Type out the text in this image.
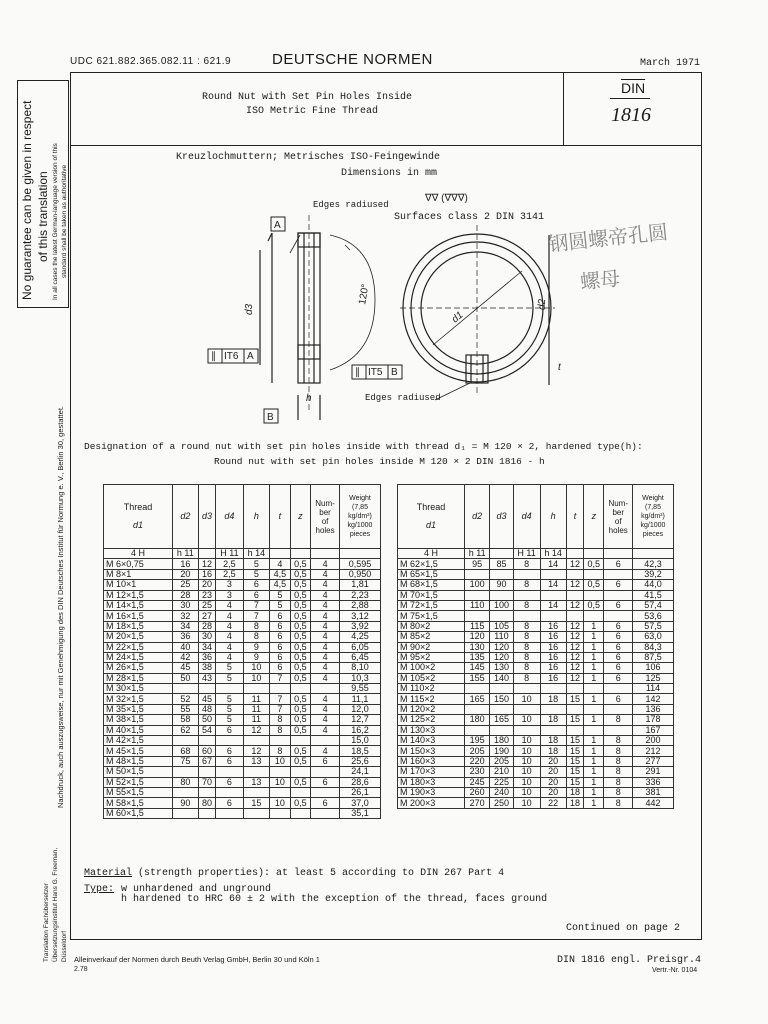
UDC 621.882.365.082.11 : 621.9	DEUTSCHE NORMEN	March 1971
Round Nut with Set Pin Holes Inside
ISO Metric Fine Thread
$\overline{DIN}$
1816
No guarantee can be given in respect of this translation In all cases the latest German-language version of this standard shall be taken as authoritative
Nachdruck, auch auszugsweise, nur mit Genehmigung des DIN Deutsches Institut für Normung e. V., Berlin 30, gestattet.
Translation Fachübersetzer Übersetzungsinstitut Hans G. Freeman, Düsseldorf
Kreuzlochmuttern; Metrisches ISO-Feingewinde
Dimensions in mm
∇∇ (∇∇∇)
Edges radiused
Surfaces class 2 DIN 3141
A
B
∥ IT6 A
∥ IT5 B
120°
d3
d1
d2
h
t
Edges radiused
钢圆螺帝孔圆
螺母
Designation of a round nut with set pin holes inside with thread d₁ = M 120 × 2, hardened type(h):
Round nut with set pin holes inside M 120 × 2 DIN 1816 - h
Thread

d1	d2	d3	d4	h	t	z	Num-
ber
of
holes	Weight (7,85 kg/dm³)
kg/1000 pieces
4 H	h 11		H 11	h 14				
M 6×0,75	16	12	2,5	5	4	0,5	4	0,595
M 8×1	20	16	2,5	5	4,5	0,5	4	0,950
M 10×1	25	20	3	6	4,5	0,5	4	1,81
M 12×1,5	28	23	3	6	5	0,5	4	2,23
M 14×1,5	30	25	4	7	5	0,5	4	2,88
M 16×1,5	32	27	4	7	6	0,5	4	3,12
M 18×1,5	34	28	4	8	6	0,5	4	3,92
M 20×1,5	36	30	4	8	6	0,5	4	4,25
M 22×1,5	40	34	4	9	6	0,5	4	6,05
M 24×1,5	42	36	4	9	6	0,5	4	6,45
M 26×1,5	45	38	5	10	6	0,5	4	8,10
M 28×1,5	50	43	5	10	7	0,5	4	10,3
M 30×1,5								9,55
M 32×1,5	52	45	5	11	7	0,5	4	11,1
M 35×1,5	55	48	5	11	7	0,5	4	12,0
M 38×1,5	58	50	5	11	8	0,5	4	12,7
M 40×1,5	62	54	6	12	8	0,5	4	16,2
M 42×1,5								15,0
M 45×1,5	68	60	6	12	8	0,5	4	18,5
M 48×1,5	75	67	6	13	10	0,5	6	25,6
M 50×1,5								24,1
M 52×1,5	80	70	6	13	10	0,5	6	28,6
M 55×1,5								26,1
M 58×1,5	90	80	6	15	10	0,5	6	37,0
M 60×1,5								35,1
Thread

d1	d2	d3	d4	h	t	z	Num-
ber
of
holes	Weight (7,85 kg/dm³)
kg/1000 pieces
4 H	h 11		H 11	h 14				
M 62×1,5	95	85	8	14	12	0,5	6	42,3
M 65×1,5								39,2
M 68×1,5	100	90	8	14	12	0,5	6	44,0
M 70×1,5								41,5
M 72×1,5	110	100	8	14	12	0,5	6	57,4
M 75×1,5								53,6
M 80×2	115	105	8	16	12	1	6	57,5
M 85×2	120	110	8	16	12	1	6	63,0
M 90×2	130	120	8	16	12	1	6	84,3
M 95×2	135	120	8	16	12	1	6	87,5
M 100×2	145	130	8	16	12	1	6	106
M 105×2	155	140	8	16	12	1	6	125
M 110×2								114
M 115×2	165	150	10	18	15	1	6	142
M 120×2								136
M 125×2	180	165	10	18	15	1	8	178
M 130×3								167
M 140×3	195	180	10	18	15	1	8	200
M 150×3	205	190	10	18	15	1	8	212
M 160×3	220	205	10	20	15	1	8	277
M 170×3	230	210	10	20	15	1	8	291
M 180×3	245	225	10	20	15	1	8	336
M 190×3	260	240	10	20	18	1	8	381
M 200×3	270	250	10	22	18	1	8	442
Material (strength properties): at least 5 according to DIN 267 Part 4
Type: w unhardened and unground
h hardened to HRC 60 ± 2 with the exception of the thread, faces ground
Continued on page 2
Alleinverkauf der Normen durch Beuth Verlag GmbH, Berlin 30 und Köln 1
2.78
DIN 1816 engl. Preisgr.4
Vertr.-Nr. 0104
